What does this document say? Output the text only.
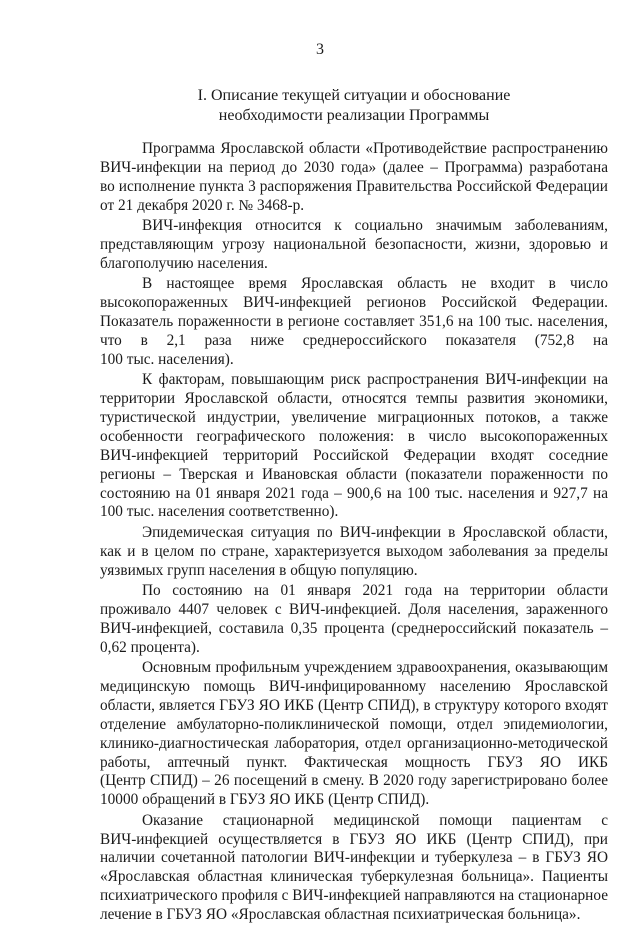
3
I. Описание текущей ситуации и обоснование
необходимости реализации Программы
Программа Ярославской области «Противодействие распространению
ВИЧ-инфекции на период до 2030 года» (далее – Программа) разработана
во исполнение пункта 3 распоряжения Правительства Российской Федерации
от 21 декабря 2020 г. № 3468-р.
ВИЧ-инфекция относится к социально значимым заболеваниям,
представляющим угрозу национальной безопасности, жизни, здоровью и
благополучию населения.
В настоящее время Ярославская область не входит в число
высокопораженных ВИЧ-инфекцией регионов Российской Федерации.
Показатель пораженности в регионе составляет 351,6 на 100 тыс. населения,
что в 2,1 раза ниже среднероссийского показателя (752,8 на
100 тыс. населения).
К факторам, повышающим риск распространения ВИЧ-инфекции на
территории Ярославской области, относятся темпы развития экономики,
туристической индустрии, увеличение миграционных потоков, а также
особенности географического положения: в число высокопораженных
ВИЧ-инфекцией территорий Российской Федерации входят соседние
регионы – Тверская и Ивановская области (показатели пораженности по
состоянию на 01 января 2021 года – 900,6 на 100 тыс. населения и 927,7 на
100 тыс. населения соответственно).
Эпидемическая ситуация по ВИЧ-инфекции в Ярославской области,
как и в целом по стране, характеризуется выходом заболевания за пределы
уязвимых групп населения в общую популяцию.
По состоянию на 01 января 2021 года на территории области
проживало 4407 человек с ВИЧ-инфекцией. Доля населения, зараженного
ВИЧ-инфекцией, составила 0,35 процента (среднероссийский показатель –
0,62 процента).
Основным профильным учреждением здравоохранения, оказывающим
медицинскую помощь ВИЧ-инфицированному населению Ярославской
области, является ГБУЗ ЯО ИКБ (Центр СПИД), в структуру которого входят
отделение амбулаторно-поликлинической помощи, отдел эпидемиологии,
клинико-диагностическая лаборатория, отдел организационно-методической
работы, аптечный пункт. Фактическая мощность ГБУЗ ЯО ИКБ
(Центр СПИД) – 26 посещений в смену. В 2020 году зарегистрировано более
10000 обращений в ГБУЗ ЯО ИКБ (Центр СПИД).
Оказание стационарной медицинской помощи пациентам с
ВИЧ-инфекцией осуществляется в ГБУЗ ЯО ИКБ (Центр СПИД), при
наличии сочетанной патологии ВИЧ-инфекции и туберкулеза – в ГБУЗ ЯО
«Ярославская областная клиническая туберкулезная больница». Пациенты
психиатрического профиля с ВИЧ-инфекцией направляются на стационарное
лечение в ГБУЗ ЯО «Ярославская областная психиатрическая больница».
